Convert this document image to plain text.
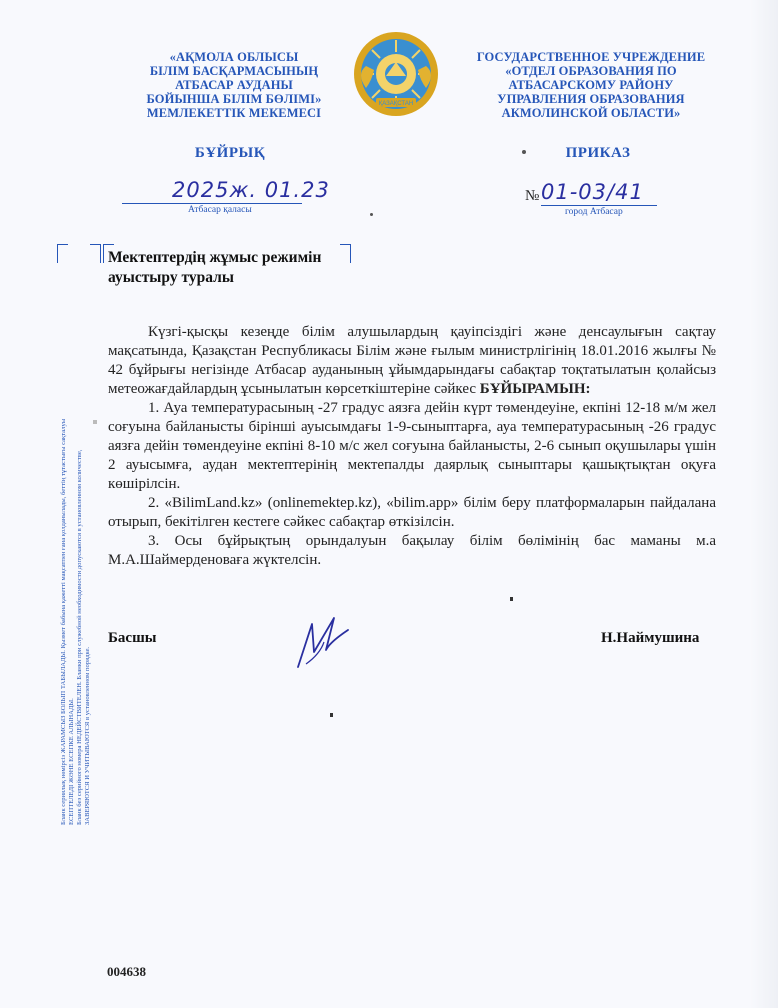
«АҚМОЛА ОБЛЫСЫ
БІЛІМ БАСҚАРМАСЫНЫҢ
АТБАСАР АУДАНЫ
БОЙЫНША БІЛІМ БӨЛІМІ»
МЕМЛЕКЕТТІК МЕКЕМЕСІ
ҚАЗАҚСТАН
ГОСУДАРСТВЕННОЕ УЧРЕЖДЕНИЕ
«ОТДЕЛ ОБРАЗОВАНИЯ ПО
АТБАСАРСКОМУ РАЙОНУ
УПРАВЛЕНИЯ ОБРАЗОВАНИЯ
АКМОЛИНСКОЙ ОБЛАСТИ»
БҰЙРЫҚ	ПРИКАЗ
2025ж. 01.23
Атбасар қаласы
№ 01-03/41
город Атбасар
Мектептердің жұмыс режимін
ауыстыру туралы

Күзгі-қысқы кезеңде білім алушылардың қауіпсіздігі және денсаулығын сақтау мақсатында, Қазақстан Республикасы Білім және ғылым министрлігінің 18.01.2016 жылғы № 42 бұйрығы негізінде Атбасар ауданының ұйымдарындағы сабақтар тоқтатылатын қолайсыз метеожағдайлардың ұсынылатын көрсеткіштеріне сәйкес БҰЙЫРАМЫН:

1. Ауа температурасының -27 градус аязға дейін күрт төмендеуіне, екпіні 12-18 м/м жел соғуына байланысты бірінші ауысымдағы 1-9-сыныптарға, ауа температурасының -26 градус аязға дейін төмендеуіне екпіні 8-10 м/с жел соғуына байланысты, 2-6 сынып оқушылары үшін 2 ауысымға, аудан мектептерінің мектепалды даярлық сыныптары қашықтықтан оқуға көшірілсін.

2. «BilimLand.kz» (onlinemektep.kz), «bilim.app» білім беру платформаларын пайдалана отырып, бекітілген кестеге сәйкес сабақтар өткізілсін.

3. Осы бұйрықтың орындалуын бақылау білім бөлімінің бас маманы м.а М.А.Шаймерденоваға жүктелсін.

Басшы	Н.Наймушина
Бланк сериялық нөмірсіз ЖАРАМСЫЗ БОЛЫП ТАБЫЛАДЫ. Қызмет бабына қажетті мақсатпен ғана қолданылады, беттің тұтастығы сақталуы ЕСЕПТЕЛЕДІ ЖӘНЕ ЕСЕПКЕ АЛЫНАДЫ. Бланк без серийного номера НЕДЕЙСТВИТЕЛЕН. Бланки при служебной необходимости допускаются в установленном количестве, ЗАВЕРЯЮТСЯ И УЧИТЫВАЮТСЯ в установленном порядке.
004638
